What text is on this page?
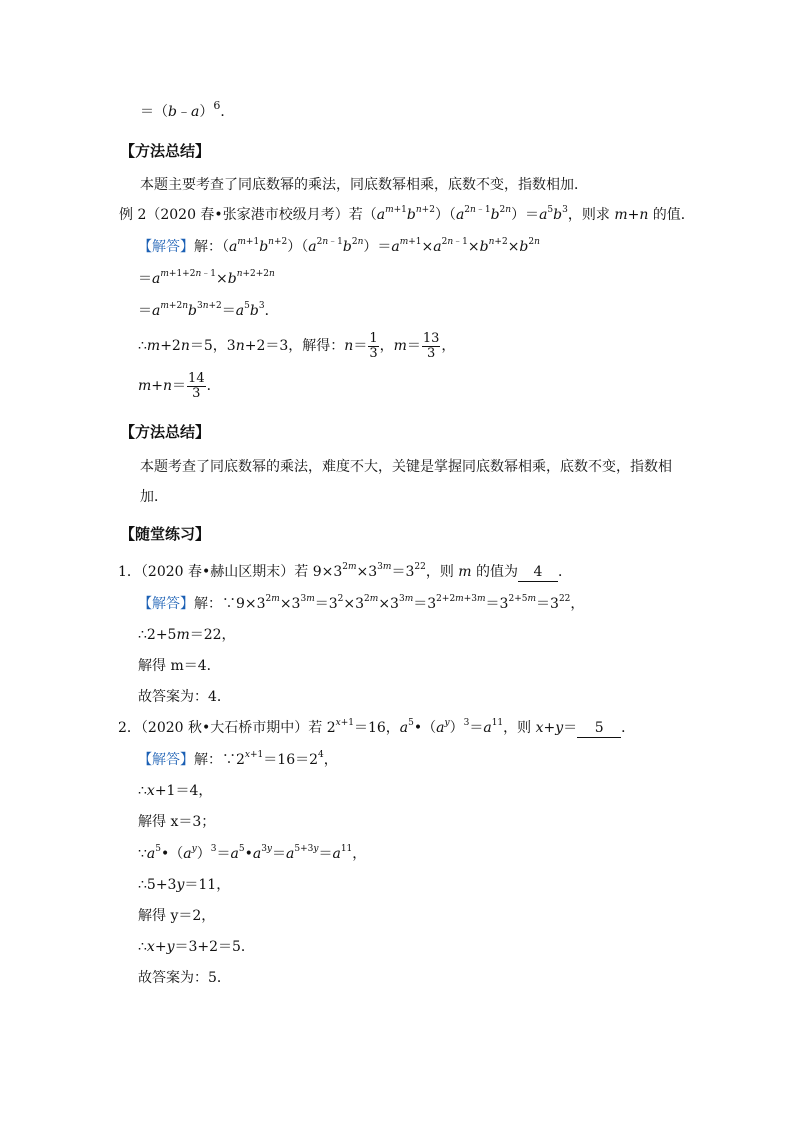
＝（b﹣a）$^6$．
【方法总结】
本题主要考查了同底数幂的乘法，同底数幂相乘，底数不变，指数相加．
例 2（2020 春•张家港市校级月考）若$(a^{m+1}b^{n+2})(a^{2n﹣1}b^{2n})=a^5b^3$，则求 m+n 的值．
【解答】解：$(a^{m+1}b^{n+2})(a^{2n﹣1}b^{2n})=a^{m+1}\times a^{2n﹣1}\times b^{n+2}\times b^{2n}$
$=a^{m+1+2n﹣1}\times b^{n+2+2n}$
$=a^{m+2n}b^{3n+2}=a^5b^3$．
∴m+2n＝5，3n+2＝3，解得：$n= \frac{1}{3}$ ，$m= \frac{13}{3}$ ，
$m+n= \frac{14}{3}$ ．
【方法总结】
本题考查了同底数幂的乘法，难度不大，关键是掌握同底数幂相乘，底数不变，指数相
加．
【随堂练习】
1．（2020 春•赫山区期末）若 $9\times 3^{2m}\times 3^{3m}=3^{22}$，则 m 的值为 4 ．
【解答】解：$\because 9\times 3^{2m}\times 3^{3m}=3^2\times 3^{2m}\times 3^{3m}=3^{2+2m+3m}=3^{2+5m}=3^{22}$，
∴2+5m＝22，
解得 m＝4．
故答案为：4．
2．（2020 秋•大石桥市期中）若 $2^{x+1}=16$，$a^5•(a^y)^3=a^{11}$，则 x+y＝ 5 ．
【解答】解：$\because 2^{x+1}=16=2^4$，
∴x+1＝4，
解得 x＝3；
$\because a^5•(a^y)^3=a^5•a^{3y}=a^{5+3y}=a^{11}$，
∴5+3y＝11，
解得 y＝2，
∴x+y＝3+2＝5．
故答案为：5．
